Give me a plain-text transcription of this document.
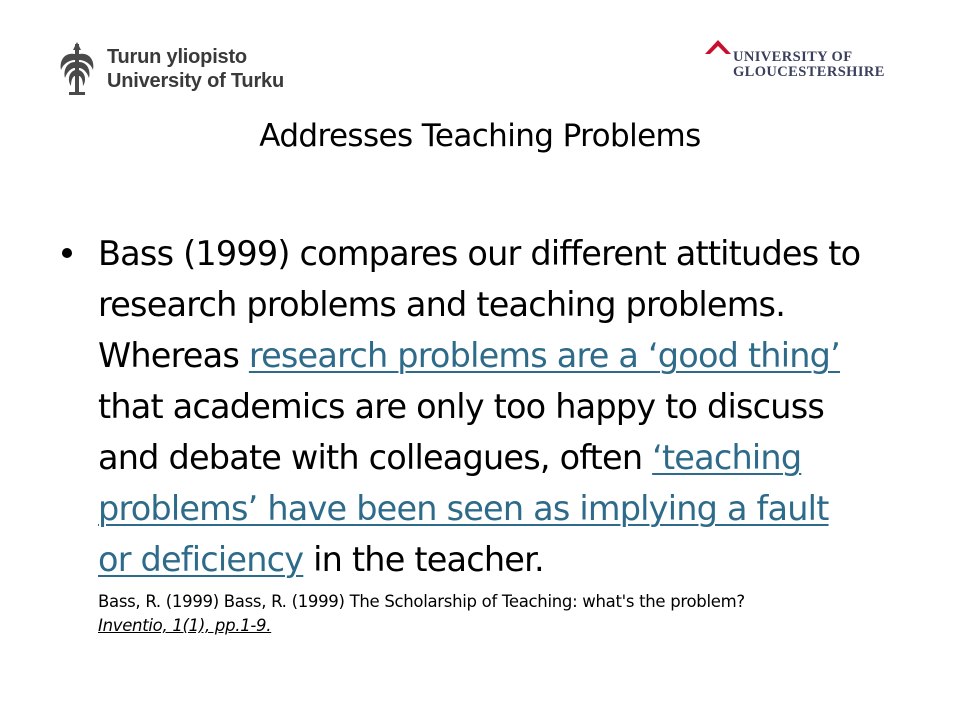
Turun yliopisto
University of Turku
UNIVERSITY OF
GLOUCESTERSHIRE
Addresses Teaching Problems
Bass (1999) compares our different attitudes to research problems and teaching problems. Whereas research problems are a ‘good thing’ that academics are only too happy to discuss and debate with colleagues, often ‘teaching problems’ have been seen as implying a fault or deficiency in the teacher.
Bass, R. (1999) Bass, R. (1999) The Scholarship of Teaching: what's the problem?
Inventio, 1(1), pp.1-9.
